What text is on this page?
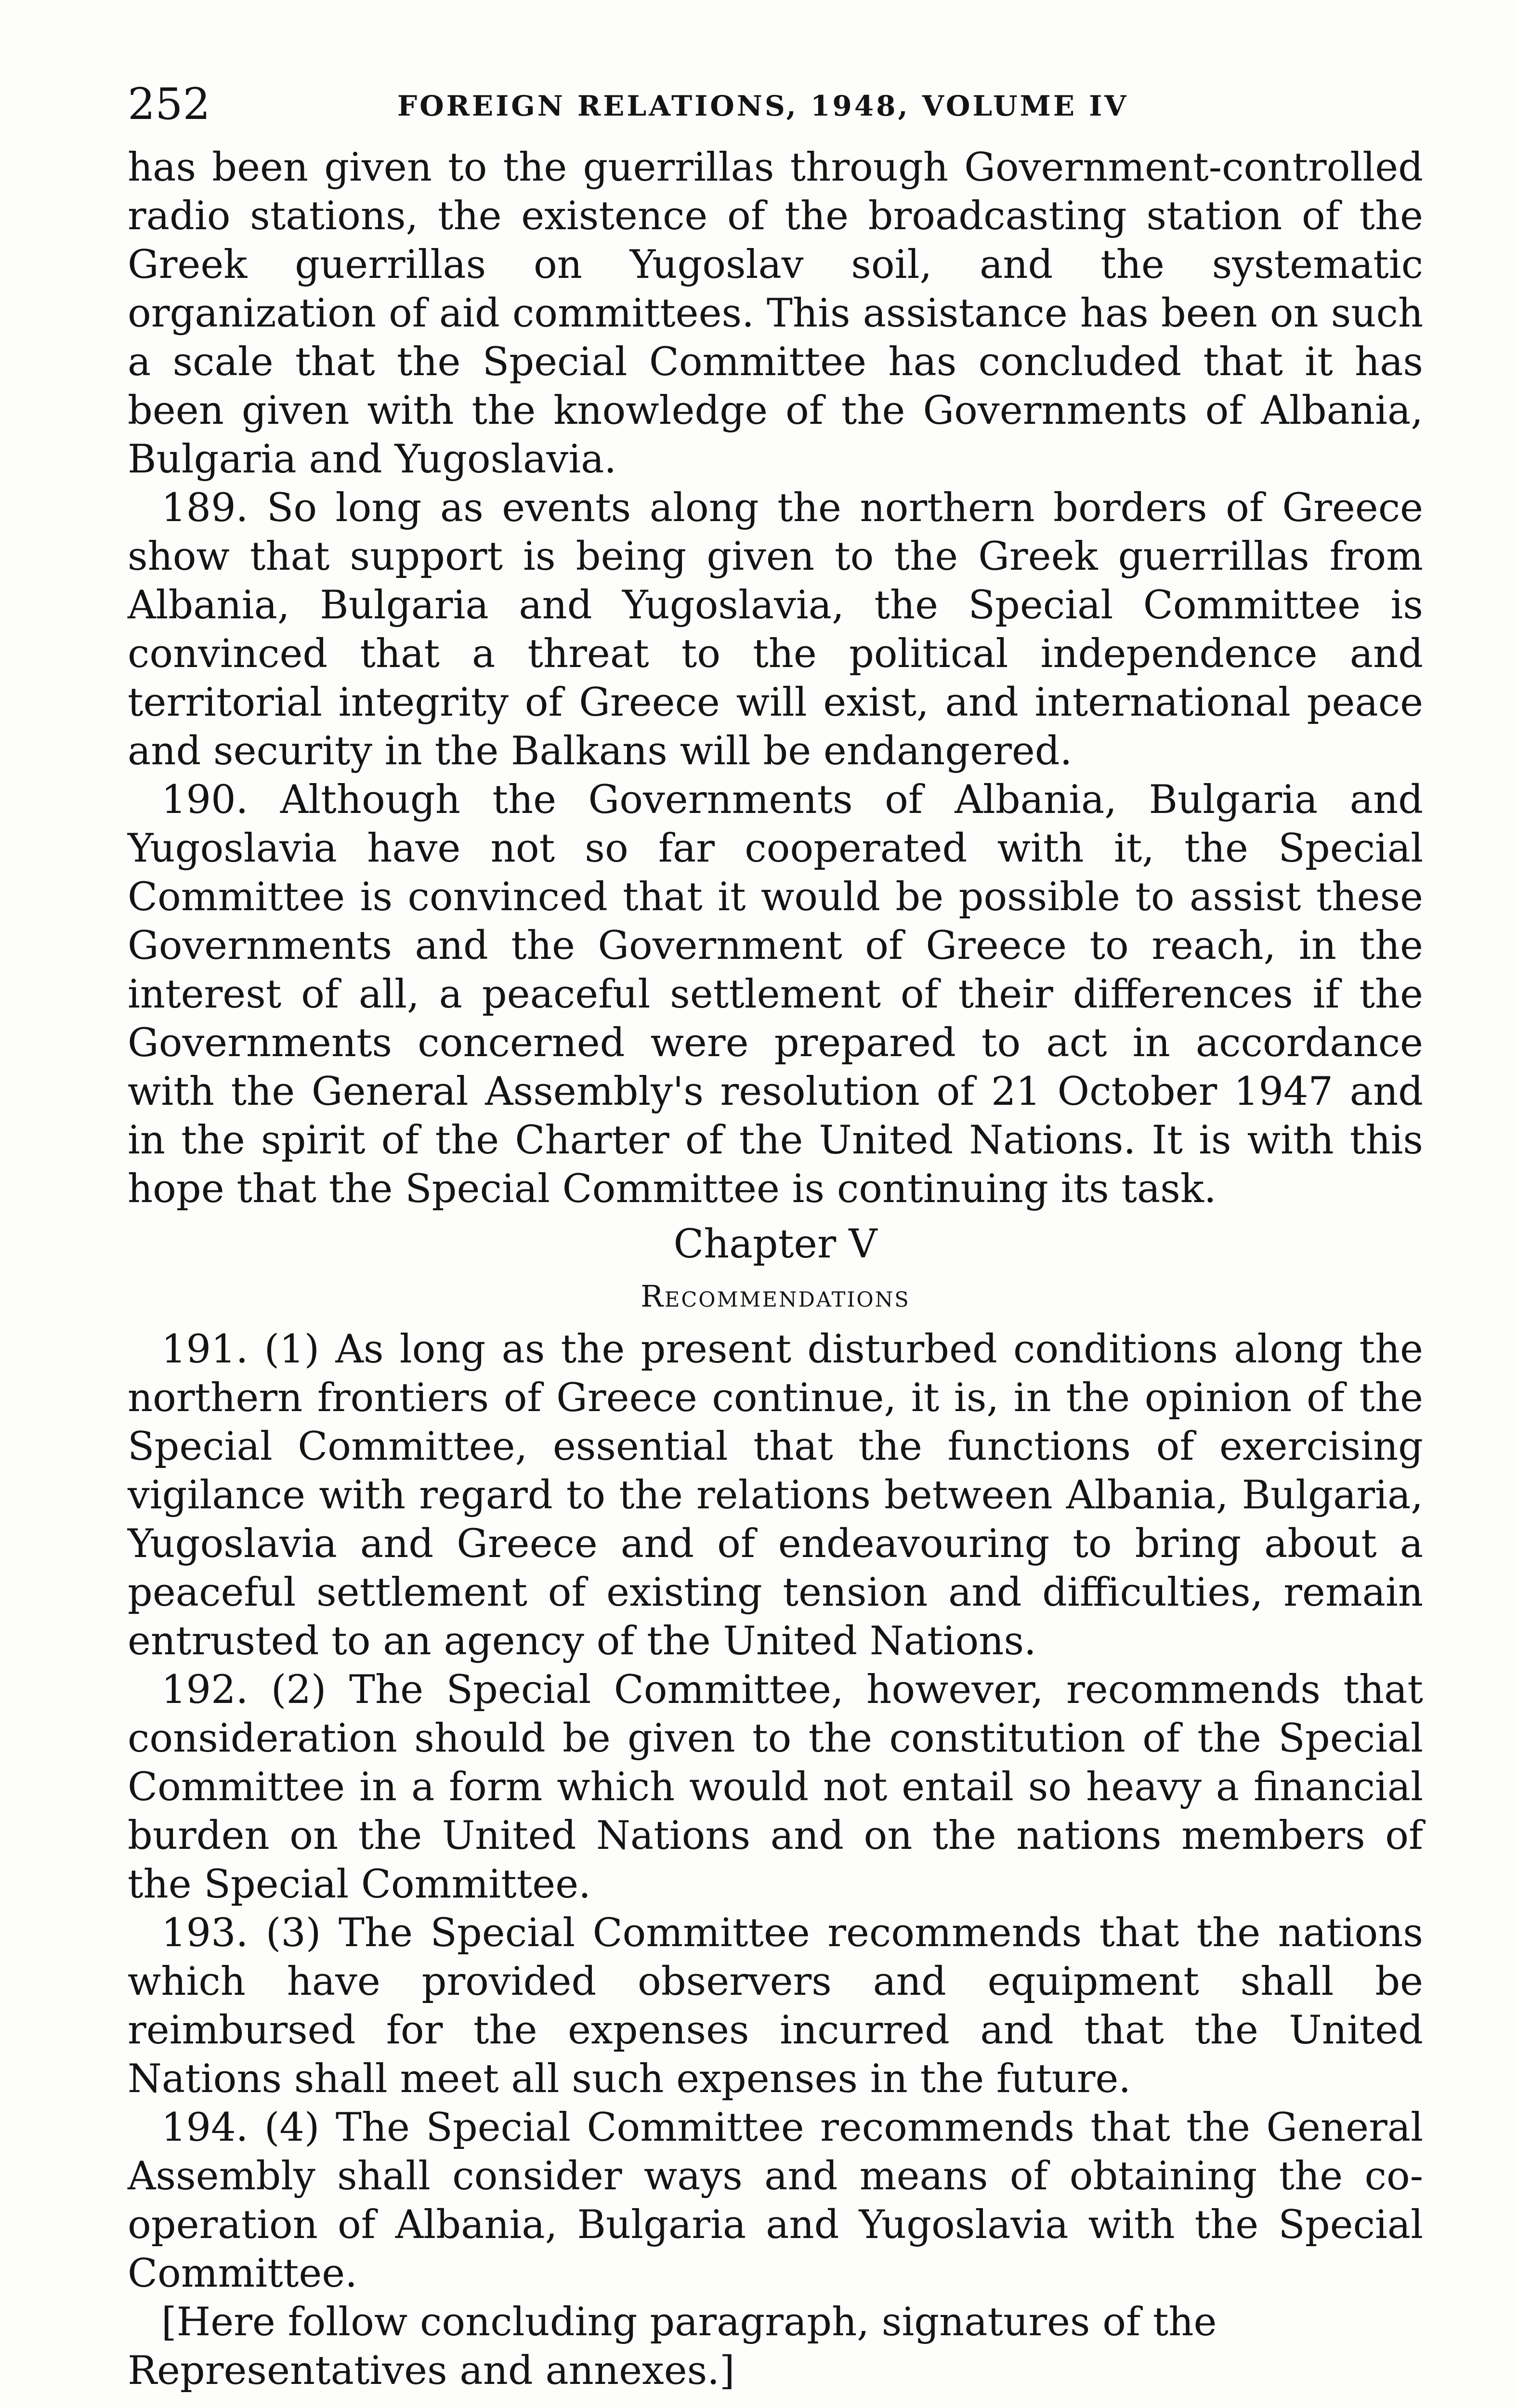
252	FOREIGN RELATIONS, 1948, VOLUME IV

has been given to the guerrillas through Government-controlled radio stations, the existence of the broadcasting station of the Greek guerrillas on Yugoslav soil, and the systematic organization of aid committees. This assistance has been on such a scale that the Special Committee has concluded that it has been given with the knowledge of the Governments of Albania, Bulgaria and Yugoslavia.

189. So long as events along the northern borders of Greece show that support is being given to the Greek guerrillas from Albania, Bulgaria and Yugoslavia, the Special Committee is convinced that a threat to the political independence and territorial integrity of Greece will exist, and international peace and security in the Balkans will be endangered.

190. Although the Governments of Albania, Bulgaria and Yugoslavia have not so far cooperated with it, the Special Committee is convinced that it would be possible to assist these Governments and the Government of Greece to reach, in the interest of all, a peaceful settlement of their differences if the Governments concerned were prepared to act in accordance with the General Assembly's resolution of 21 October 1947 and in the spirit of the Charter of the United Nations. It is with this hope that the Special Committee is continuing its task.

Chapter V
Recommendations

191. (1) As long as the present disturbed conditions along the northern frontiers of Greece continue, it is, in the opinion of the Special Committee, essential that the functions of exercising vigilance with regard to the relations between Albania, Bulgaria, Yugoslavia and Greece and of endeavouring to bring about a peaceful settlement of existing tension and difficulties, remain entrusted to an agency of the United Nations.

192. (2) The Special Committee, however, recommends that consideration should be given to the constitution of the Special Committee in a form which would not entail so heavy a financial burden on the United Nations and on the nations members of the Special Committee.

193. (3) The Special Committee recommends that the nations which have provided observers and equipment shall be reimbursed for the expenses incurred and that the United Nations shall meet all such expenses in the future.

194. (4) The Special Committee recommends that the General Assembly shall consider ways and means of obtaining the co-operation of Albania, Bulgaria and Yugoslavia with the Special Committee.

[Here follow concluding paragraph, signatures of the Representatives and annexes.]
